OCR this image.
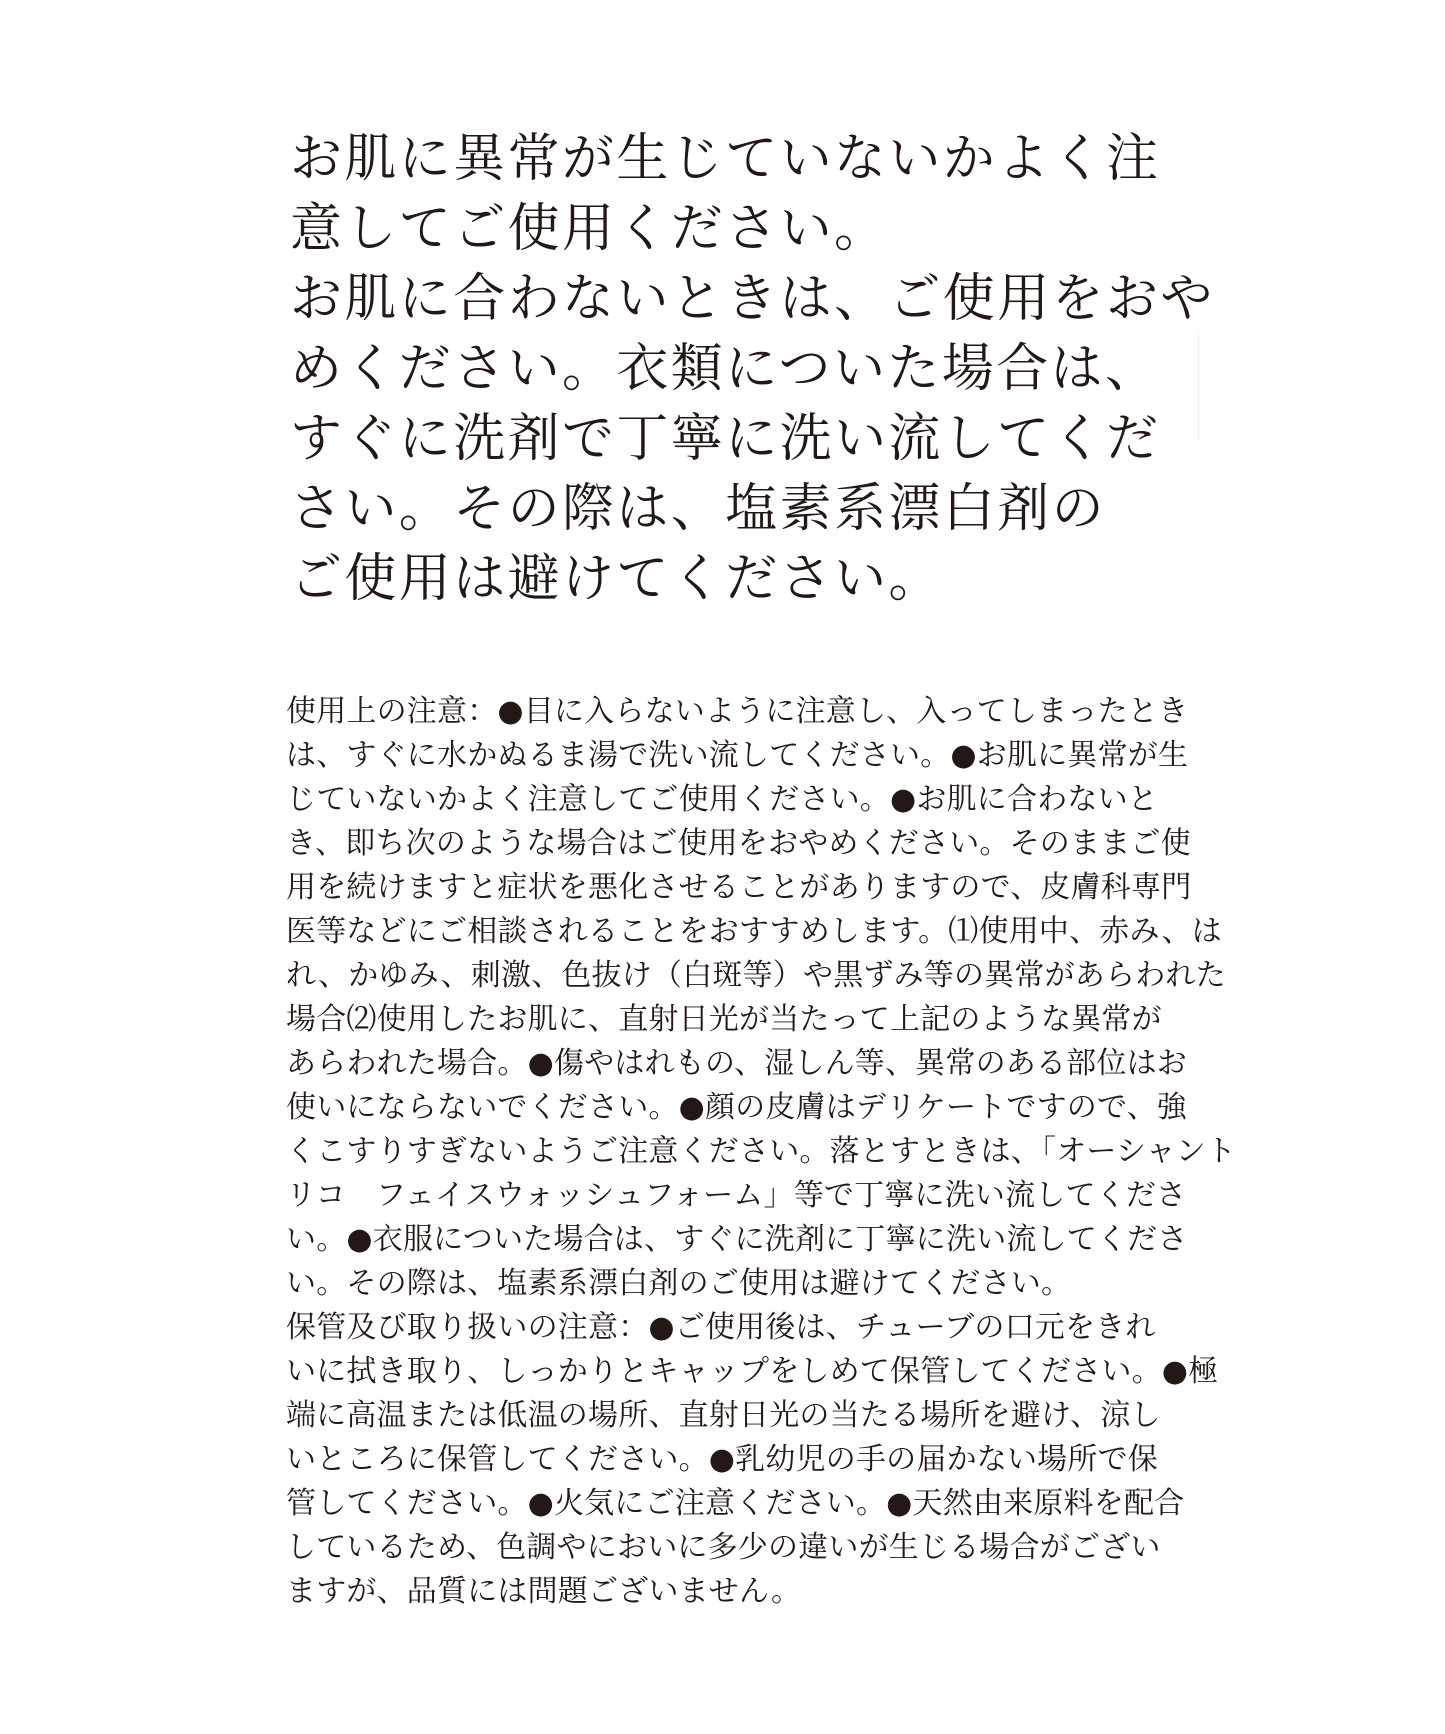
お肌に異常が生じていないかよく注
意してご使用ください。
お肌に合わないときは、ご使用をおや
めください。衣類についた場合は、
すぐに洗剤で丁寧に洗い流してくだ
さい。その際は、塩素系漂白剤の
ご使用は避けてください。
使用上の注意：●目に入らないように注意し、入ってしまったとき
は、すぐに水かぬるま湯で洗い流してください。●お肌に異常が生
じていないかよく注意してご使用ください。●お肌に合わないと
き、即ち次のような場合はご使用をおやめください。そのままご使
用を続けますと症状を悪化させることがありますので、皮膚科専門
医等などにご相談されることをおすすめします。⑴使用中、赤み、は
れ、かゆみ、刺激、色抜け（白斑等）や黒ずみ等の異常があらわれた
場合⑵使用したお肌に、直射日光が当たって上記のような異常が
あらわれた場合。●傷やはれもの、湿しん等、異常のある部位はお
使いにならないでください。●顔の皮膚はデリケートですので、強
くこすりすぎないようご注意ください。落とすときは、「オーシャント
リコ　フェイスウォッシュフォーム」等で丁寧に洗い流してくださ
い。●衣服についた場合は、すぐに洗剤に丁寧に洗い流してくださ
い。その際は、塩素系漂白剤のご使用は避けてください。
保管及び取り扱いの注意：●ご使用後は、チューブの口元をきれ
いに拭き取り、しっかりとキャップをしめて保管してください。●極
端に高温または低温の場所、直射日光の当たる場所を避け、涼し
いところに保管してください。●乳幼児の手の届かない場所で保
管してください。●火気にご注意ください。●天然由来原料を配合
しているため、色調やにおいに多少の違いが生じる場合がござい
ますが、品質には問題ございません。
